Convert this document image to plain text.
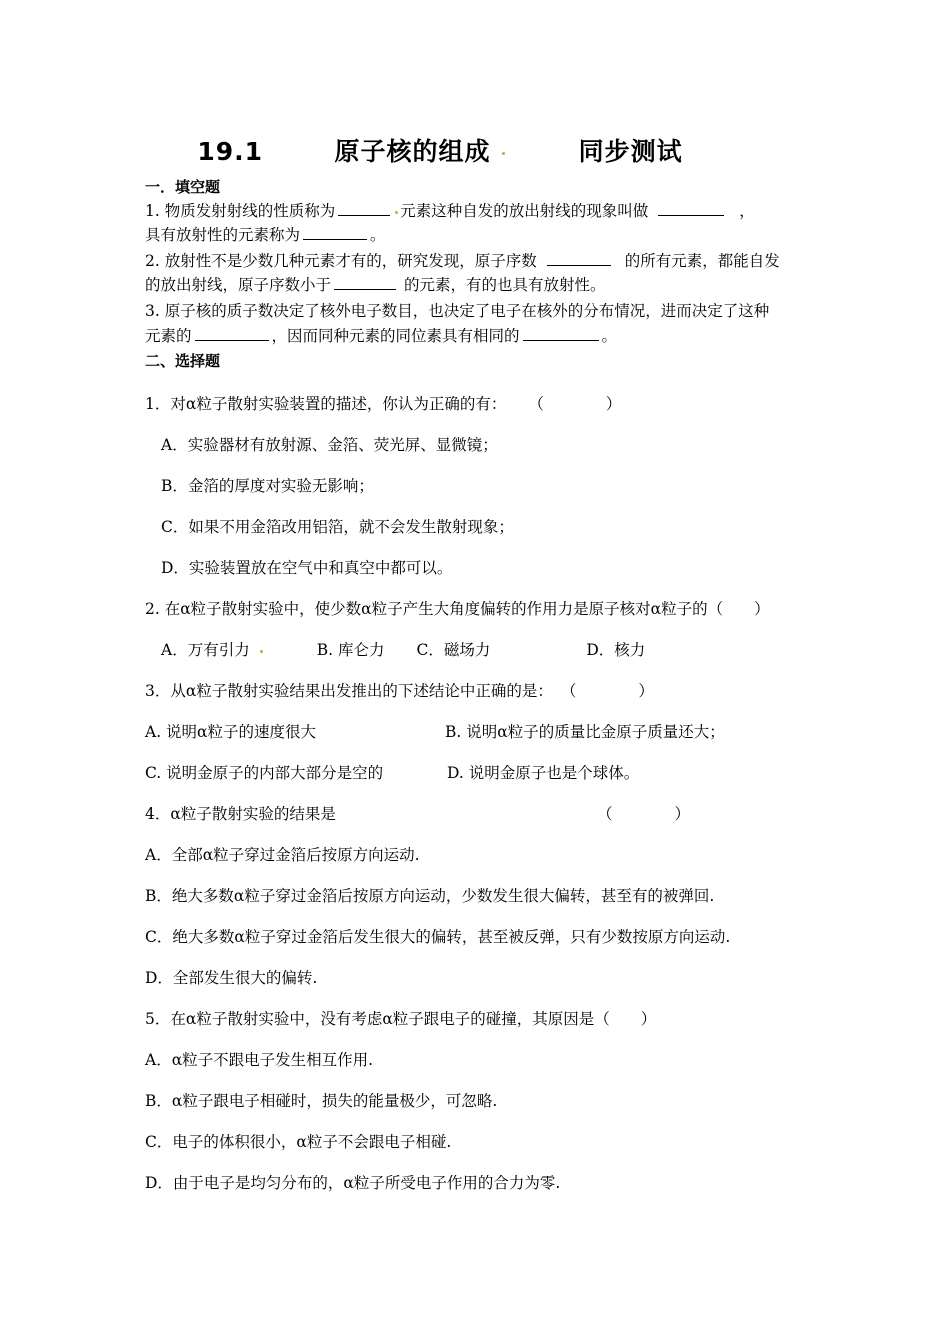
19.1	原子核的组成	同步测试
一．填空题
1. 物质发射射线的性质称为	元素这种自发的放出射线的现象叫做	，
具有放射性的元素称为	。
2. 放射性不是少数几种元素才有的，研究发现，原子序数	的所有元素，都能自发
的放出射线，原子序数小于	的元素，有的也具有放射性。
3. 原子核的质子数决定了核外电子数目，也决定了电子在核外的分布情况，进而决定了这种
元素的	，因而同种元素的同位素具有相同的	。
二、选择题
1．对α粒子散射实验装置的描述，你认为正确的有： （　　　　）
A．实验器材有放射源、金箔、荧光屏、显微镜；
B．金箔的厚度对实验无影响；
C．如果不用金箔改用铝箔，就不会发生散射现象；
D．实验装置放在空气中和真空中都可以。
2. 在α粒子散射实验中，使少数α粒子产生大角度偏转的作用力是原子核对α粒子的（　　）
A．万有引力	B. 库仑力 C．磁场力	D．核力
3．从α粒子散射实验结果出发推出的下述结论中正确的是： （　　　　）
A. 说明α粒子的速度很大	B. 说明α粒子的质量比金原子质量还大；
C. 说明金原子的内部大部分是空的	D. 说明金原子也是个球体。
4．α粒子散射实验的结果是	（　　　　）
A．全部α粒子穿过金箔后按原方向运动.
B．绝大多数α粒子穿过金箔后按原方向运动，少数发生很大偏转，甚至有的被弹回.
C．绝大多数α粒子穿过金箔后发生很大的偏转，甚至被反弹，只有少数按原方向运动.
D．全部发生很大的偏转.
5．在α粒子散射实验中，没有考虑α粒子跟电子的碰撞，其原因是（　　）
A．α粒子不跟电子发生相互作用.
B．α粒子跟电子相碰时，损失的能量极少，可忽略.
C．电子的体积很小，α粒子不会跟电子相碰.
D．由于电子是均匀分布的，α粒子所受电子作用的合力为零.
